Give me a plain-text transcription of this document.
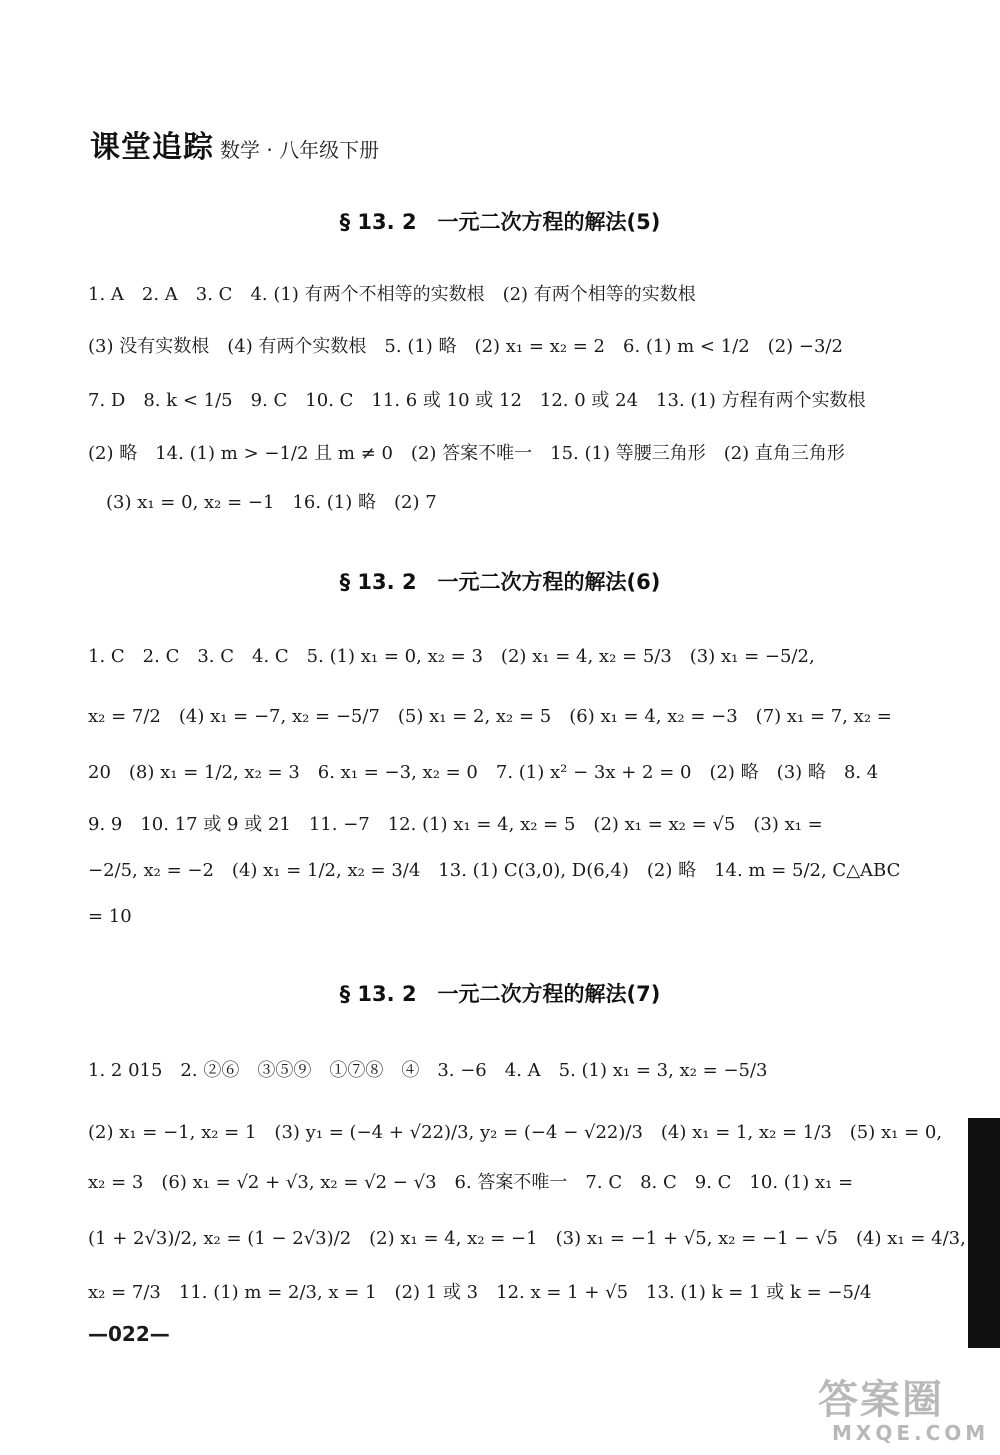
课堂追踪 数学 · 八年级下册
§ 13. 2　一元二次方程的解法(5)
1. A　2. A　3. C　4. (1) 有两个不相等的实数根　(2) 有两个相等的实数根
(3) 没有实数根　(4) 有两个实数根　5. (1) 略　(2) x₁ = x₂ = 2　6. (1) m < 1/2　(2) −3/2
7. D　8. k < 1/5　9. C　10. C　11. 6 或 10 或 12　12. 0 或 24　13. (1) 方程有两个实数根
(2) 略　14. (1) m > −1/2 且 m ≠ 0　(2) 答案不唯一　15. (1) 等腰三角形　(2) 直角三角形
(3) x₁ = 0, x₂ = −1　16. (1) 略　(2) 7
§ 13. 2　一元二次方程的解法(6)
1. C　2. C　3. C　4. C　5. (1) x₁ = 0, x₂ = 3　(2) x₁ = 4, x₂ = 5/3　(3) x₁ = −5/2,
x₂ = 7/2　(4) x₁ = −7, x₂ = −5/7　(5) x₁ = 2, x₂ = 5　(6) x₁ = 4, x₂ = −3　(7) x₁ = 7, x₂ =
20　(8) x₁ = 1/2, x₂ = 3　6. x₁ = −3, x₂ = 0　7. (1) x² − 3x + 2 = 0　(2) 略　(3) 略　8. 4
9. 9　10. 17 或 9 或 21　11. −7　12. (1) x₁ = 4, x₂ = 5　(2) x₁ = x₂ = √5　(3) x₁ =
−2/5, x₂ = −2　(4) x₁ = 1/2, x₂ = 3/4　13. (1) C(3,0), D(6,4)　(2) 略　14. m = 5/2, C△ABC
= 10
§ 13. 2　一元二次方程的解法(7)
1. 2 015　2. ②⑥　③⑤⑨　①⑦⑧　④　3. −6　4. A　5. (1) x₁ = 3, x₂ = −5/3
(2) x₁ = −1, x₂ = 1　(3) y₁ = (−4 + √22)/3, y₂ = (−4 − √22)/3　(4) x₁ = 1, x₂ = 1/3　(5) x₁ = 0,
x₂ = 3　(6) x₁ = √2 + √3, x₂ = √2 − √3　6. 答案不唯一　7. C　8. C　9. C　10. (1) x₁ =
(1 + 2√3)/2, x₂ = (1 − 2√3)/2　(2) x₁ = 4, x₂ = −1　(3) x₁ = −1 + √5, x₂ = −1 − √5　(4) x₁ = 4/3,
x₂ = 7/3　11. (1) m = 2/3, x = 1　(2) 1 或 3　12. x = 1 + √5　13. (1) k = 1 或 k = −5/4
—022—
答案圈
MXQE.COM
